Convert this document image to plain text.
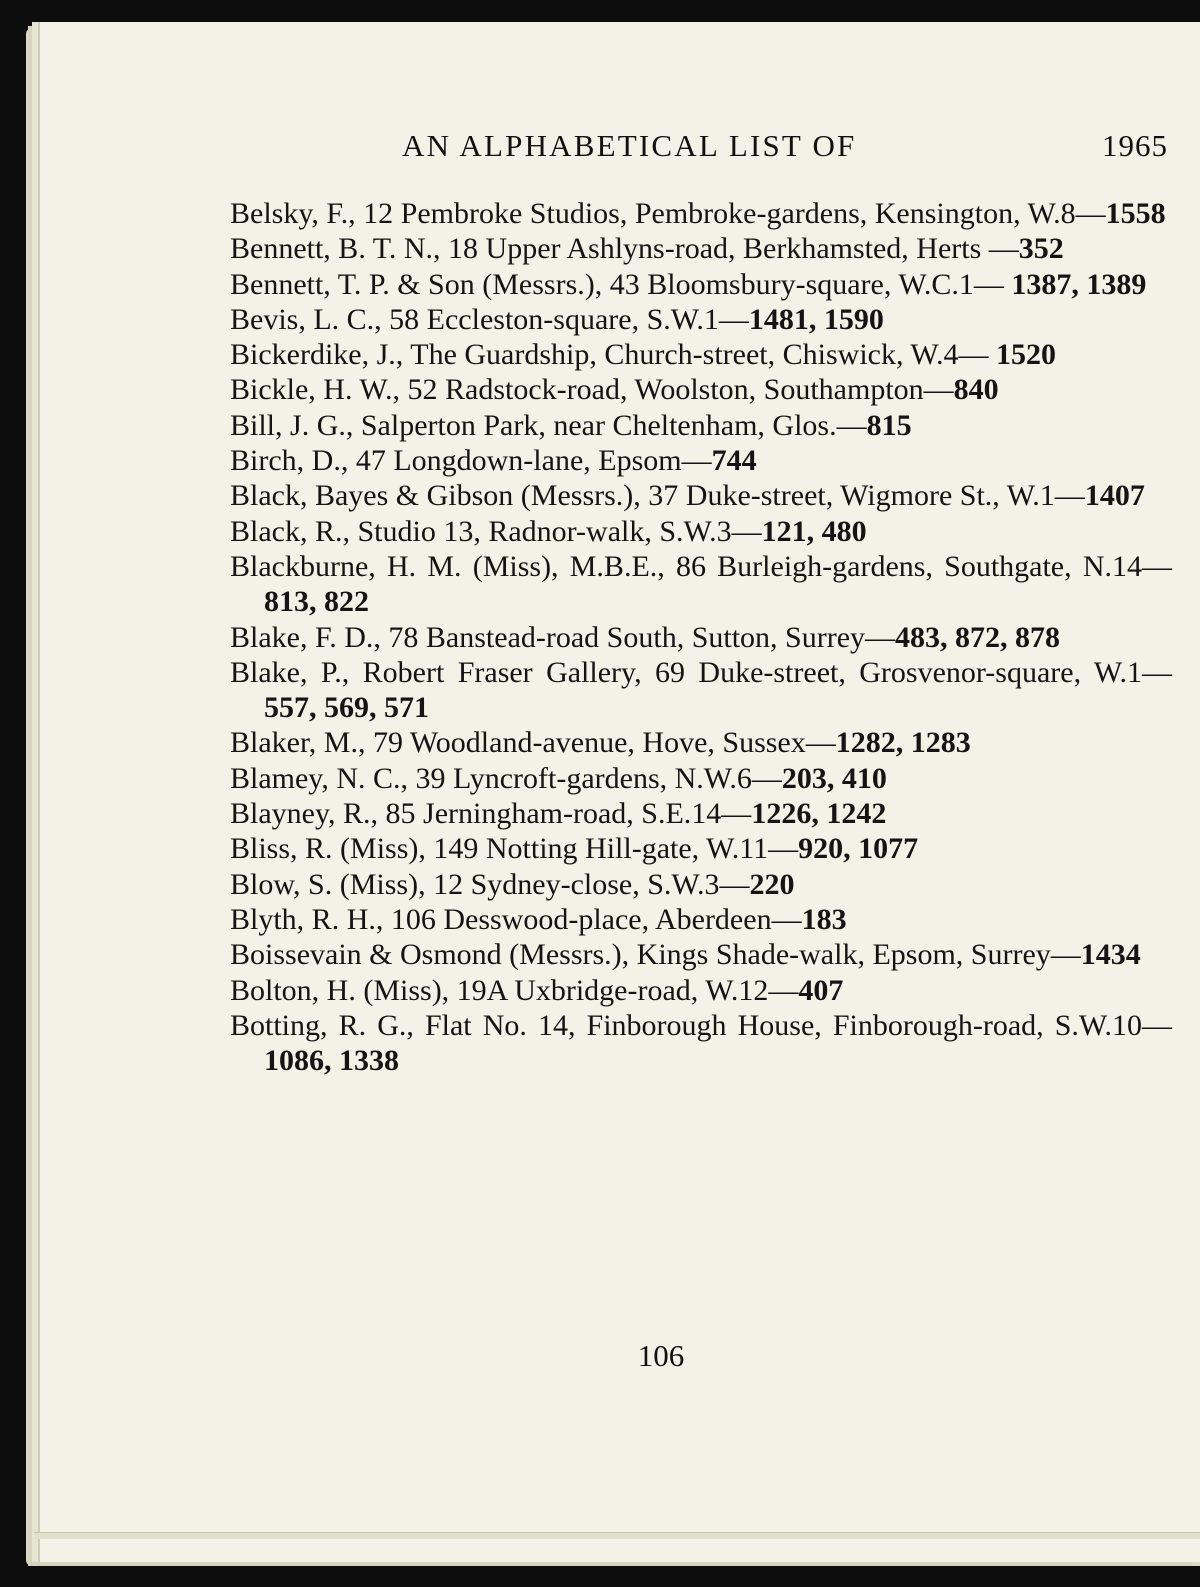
AN ALPHABETICAL LIST OF	1965

Belsky, F., 12 Pembroke Studios, Pembroke-gardens, Kensington, W.8—1558

Bennett, B. T. N., 18 Upper Ashlyns-road, Berkhamsted, Herts —352

Bennett, T. P. & Son (Messrs.), 43 Bloomsbury-square, W.C.1— 1387, 1389

Bevis, L. C., 58 Eccleston-square, S.W.1—1481, 1590

Bickerdike, J., The Guardship, Church-street, Chiswick, W.4— 1520

Bickle, H. W., 52 Radstock-road, Woolston, Southampton—840

Bill, J. G., Salperton Park, near Cheltenham, Glos.—815

Birch, D., 47 Longdown-lane, Epsom—744

Black, Bayes & Gibson (Messrs.), 37 Duke-street, Wigmore St., W.1—1407

Black, R., Studio 13, Radnor-walk, S.W.3—121, 480

Blackburne, H. M. (Miss), M.B.E., 86 Burleigh-gardens, Southgate, N.14—813, 822

Blake, F. D., 78 Banstead-road South, Sutton, Surrey—483, 872, 878

Blake, P., Robert Fraser Gallery, 69 Duke-street, Grosvenor-square, W.1—557, 569, 571

Blaker, M., 79 Woodland-avenue, Hove, Sussex—1282, 1283

Blamey, N. C., 39 Lyncroft-gardens, N.W.6—203, 410

Blayney, R., 85 Jerningham-road, S.E.14—1226, 1242

Bliss, R. (Miss), 149 Notting Hill-gate, W.11—920, 1077

Blow, S. (Miss), 12 Sydney-close, S.W.3—220

Blyth, R. H., 106 Desswood-place, Aberdeen—183

Boissevain & Osmond (Messrs.), Kings Shade-walk, Epsom, Surrey—1434

Bolton, H. (Miss), 19A Uxbridge-road, W.12—407

Botting, R. G., Flat No. 14, Finborough House, Finborough-road, S.W.10—1086, 1338

106
